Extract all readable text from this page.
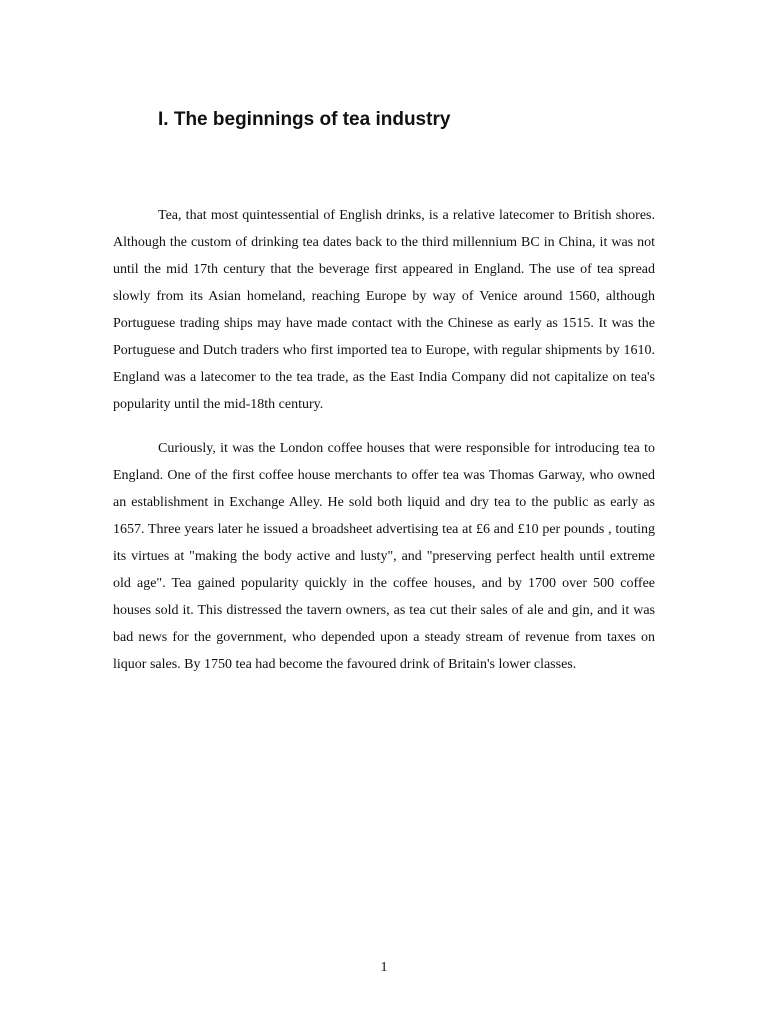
I. The beginnings of tea industry

Tea, that most quintessential of English drinks, is a relative latecomer to British shores. Although the custom of drinking tea dates back to the third millennium BC in China, it was not until the mid 17th century that the beverage first appeared in England. The use of tea spread slowly from its Asian homeland, reaching Europe by way of Venice around 1560, although Portuguese trading ships may have made contact with the Chinese as early as 1515. It was the Portuguese and Dutch traders who first imported tea to Europe, with regular shipments by 1610. England was a latecomer to the tea trade, as the East India Company did not capitalize on tea's popularity until the mid-18th century.

Curiously, it was the London coffee houses that were responsible for introducing tea to England. One of the first coffee house merchants to offer tea was Thomas Garway, who owned an establishment in Exchange Alley. He sold both liquid and dry tea to the public as early as 1657. Three years later he issued a broadsheet advertising tea at £6 and £10 per pounds , touting its virtues at "making the body active and lusty", and "preserving perfect health until extreme old age". Tea gained popularity quickly in the coffee houses, and by 1700 over 500 coffee houses sold it. This distressed the tavern owners, as tea cut their sales of ale and gin, and it was bad news for the government, who depended upon a steady stream of revenue from taxes on liquor sales. By 1750 tea had become the favoured drink of Britain's lower classes.

1
